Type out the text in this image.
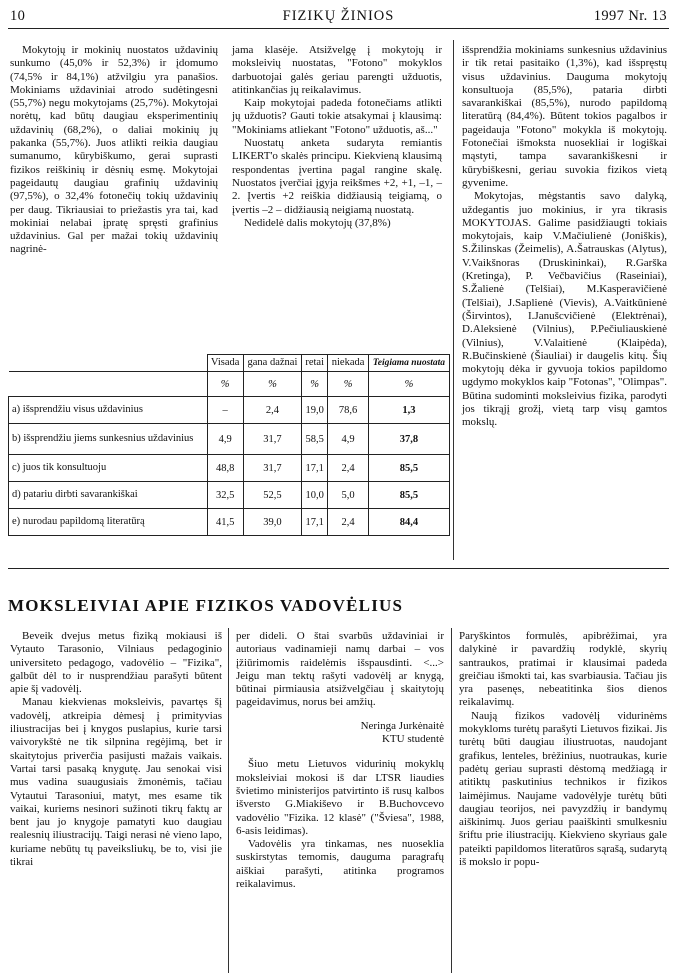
10	FIZIKŲ ŽINIOS	1997 Nr. 13

Mokytojų ir mokinių nuostatos uždavinių sunkumo (45,0% ir 52,3%) ir įdomumo (74,5% ir 84,1%) atžvilgiu yra panašios. Mokiniams uždaviniai atrodo sudėtingesni (55,7%) negu mokytojams (25,7%). Mokytojai norėtų, kad būtų daugiau eksperimentinių uždavinių (68,2%), o daliai mokinių jų pakanka (55,7%). Juos atlikti reikia daugiau sumanumo, kūrybiškumo, gerai suprasti fizikos reiškinių ir dėsnių esmę. Mokytojai pageidautų daugiau grafinių uždavinių (97,5%), o 32,4% fotonečių tokių uždavinių per daug. Tikriausiai to priežastis yra tai, kad mokiniai nelabai įpratę spręsti grafinius uždavinius. Gal per mažai tokių uždavinių nagrinė-

jama klasėje. Atsižvelgę į mokytojų ir moksleivių nuostatas, "Fotono" mokyklos darbuotojai galės geriau parengti užduotis, atitinkančias jų reikalavimus.

Kaip mokytojai padeda fotonečiams atlikti jų užduotis? Gauti tokie atsakymai į klausimą: "Mokiniams atliekant "Fotono" užduotis, aš..."

Nuostatų anketa sudaryta remiantis LIKERT'o skalės principu. Kiekvieną klausimą respondentas įvertina pagal rangine skalę. Nuostatos įverčiai įgyja reikšmes +2, +1, –1, –2. Įvertis +2 reiškia didžiausią teigiamą, o įvertis –2 – didžiausią neigiamą nuostatą.

Nedidelė dalis mokytojų (37,8%)

išsprendžia mokiniams sunkesnius uždavinius ir tik retai pasitaiko (1,3%), kad išspręstų visus uždavinius. Dauguma mokytojų konsultuoja (85,5%), pataria dirbti savarankiškai (85,5%), nurodo papildomą literatūrą (84,4%). Būtent tokios pagalbos ir pageidauja "Fotono" mokykla iš mokytojų. Fotonečiai išmoksta nuosekliai ir logiškai mąstyti, tampa savarankiškesni ir kūrybiškesni, geriau suvokia fizikos vietą gyvenime.

Mokytojas, mėgstantis savo dalyką, uždegantis juo mokinius, ir yra tikrasis MOKYTOJAS. Galime pasidžiaugti tokiais mokytojais, kaip V.Mačiulienė (Joniškis), S.Žilinskas (Žeimelis), A.Šatrauskas (Alytus), V.Vaikšnoras (Druskininkai), R.Garška (Kretinga), P. Večbavičius (Raseiniai), S.Žalienė (Telšiai), M.Kasperavičienė (Telšiai), J.Saplienė (Vievis), A.Vaitkūnienė (Širvintos), I.Janušcvičienė (Elektrėnai), D.Aleksienė (Vilnius), P.Pečiuliauskienė (Vilnius), V.Valaitienė (Klaipėda), R.Bučinskienė (Šiauliai) ir daugelis kitų. Šių mokytojų dėka ir gyvuoja tokios papildomo ugdymo mokyklos kaip "Fotonas", "Olimpas". Būtina sudominti moksleivius fizika, parodyti jos tikrąjį grožį, vietą tarp visų gamtos mokslų.

	Visada	gana dažnai	retai	niekada	Teigiama nuostata
	%	%	%	%	%
a) išsprendžiu visus uždavinius	–	2,4	19,0	78,6	1,3
b) išsprendžiu jiems sunkesnius uždavinius	4,9	31,7	58,5	4,9	37,8
c) juos tik konsultuoju	48,8	31,7	17,1	2,4	85,5
d) patariu dirbti savarankiškai	32,5	52,5	10,0	5,0	85,5
e) nurodau papildomą literatūrą	41,5	39,0	17,1	2,4	84,4
MOKSLEIVIAI APIE FIZIKOS VADOVĖLIUS

Beveik dvejus metus fiziką mokiausi iš Vytauto Tarasonio, Vilniaus pedagoginio universiteto pedagogo, vadovėlio – "Fizika", galbūt dėl to ir nusprendžiau parašyti būtent apie šį vadovėlį.

Manau kiekvienas moksleivis, pavartęs šį vadovėlį, atkreipia dėmesį į primityvias iliustracijas bei į knygos puslapius, kurie tarsi vaivorykštė ne tik silpnina regėjimą, bet ir skaitytojus priverčia pasijusti mažais vaikais. Vartai tarsi pasaką knygutę. Jau senokai visi mus vadina suaugusiais žmonėmis, tačiau Vytautui Tarasoniui, matyt, mes esame tik vaikai, kuriems nesinori sužinoti tikrų faktų ar bent jau jo knygoje pamatyti kuo daugiau realesnių iliustracijų. Taigi nerasi nė vieno lapo, kuriame nebūtų tų paveiksliukų, be to, visi jie tikrai

per dideli. O štai svarbūs uždaviniai ir autoriaus vadinamieji namų darbai – vos įžiūrimomis raidelėmis išspausdinti. <...> Jeigu man tektų rašyti vadovėlį ar knygą, būtinai pirmiausia atsižvelgčiau į skaitytojų pageidavimus, norus bei amžių.

Neringa Jurkėnaitė

KTU studentė

Šiuo metu Lietuvos vidurinių mokyklų moksleiviai mokosi iš dar LTSR liaudies švietimo ministerijos patvirtinto iš rusų kalbos išversto G.Miakiševo ir B.Buchovcevo vadovėlio "Fizika. 12 klasė" ("Šviesa", 1988, 6-asis leidimas).

Vadovėlis yra tinkamas, nes nuoseklia suskirstytas temomis, dauguma paragrafų aiškiai parašyti, atitinka programos reikalavimus.

Paryškintos formulės, apibrėžimai, yra dalykinė ir pavardžių rodyklė, skyrių santraukos, pratimai ir klausimai padeda greičiau išmokti tai, kas svarbiausia. Tačiau jis yra pasenęs, nebeatitinka šios dienos reikalavimų.

Naują fizikos vadovėlį vidurinėms mokykloms turėtų parašyti Lietuvos fizikai. Jis turėtų būti daugiau iliustruotas, naudojant grafikus, lenteles, brėžinius, nuotraukas, kurie padėtų geriau suprasti dėstomą medžiagą ir atitiktų paskutinius technikos ir fizikos laimėjimus. Naujame vadovėlyje turėtų būti daugiau teorijos, nei pavyzdžių ir bandymų aiškinimų. Juos geriau paaiškinti smulkesniu šriftu prie iliustracijų. Kiekvieno skyriaus gale pateikti papildomos literatūros sąrašą, sudarytą iš mokslo ir popu-
